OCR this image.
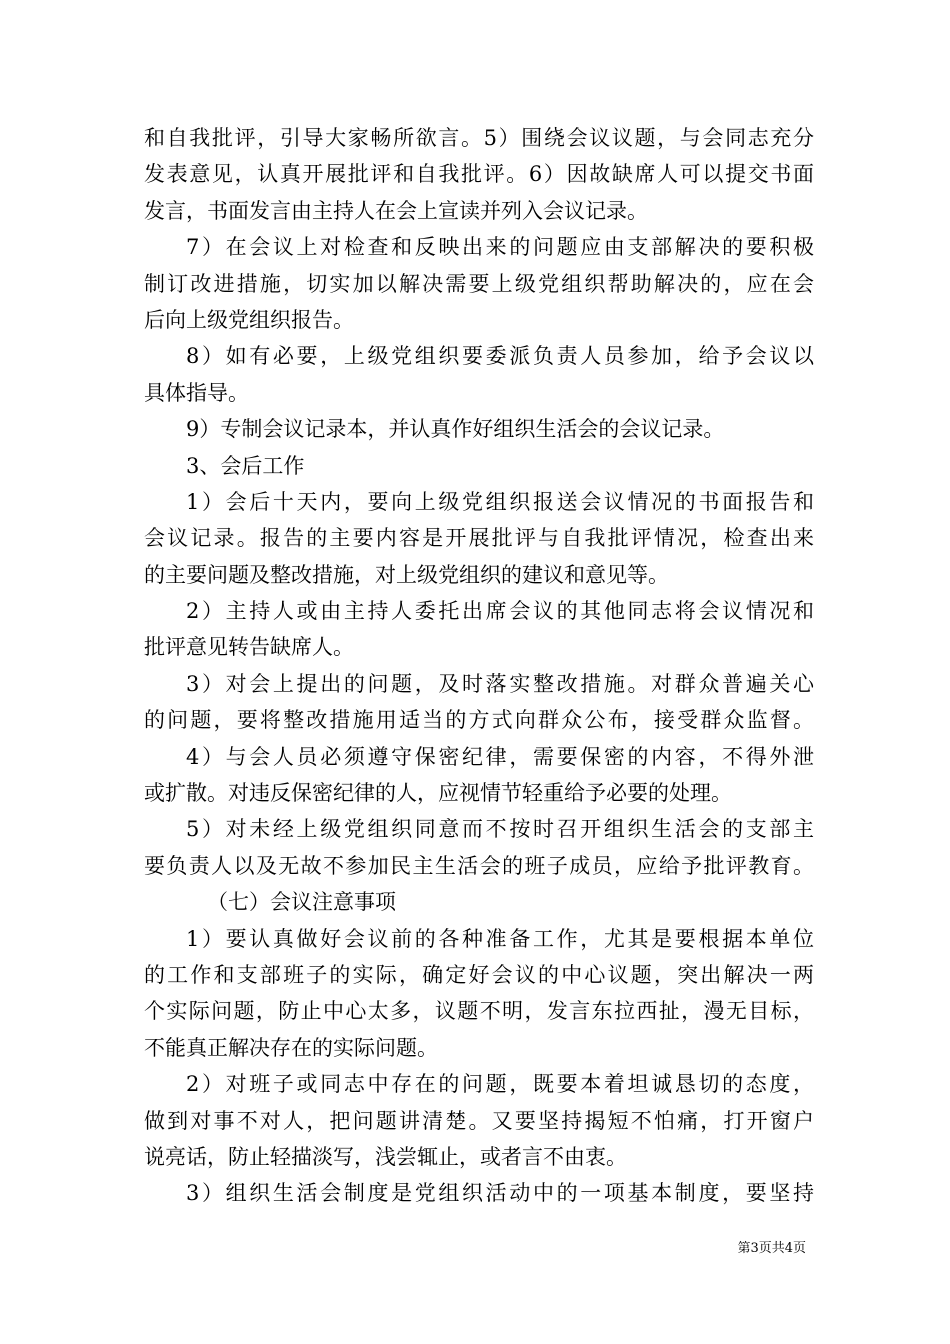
和自我批评，引导大家畅所欲言。5）围绕会议议题，与会同志充分
发表意见，认真开展批评和自我批评。6）因故缺席人可以提交书面
发言，书面发言由主持人在会上宣读并列入会议记录。
7）在会议上对检查和反映出来的问题应由支部解决的要积极
制订改进措施，切实加以解决需要上级党组织帮助解决的，应在会
后向上级党组织报告。
8）如有必要，上级党组织要委派负责人员参加，给予会议以
具体指导。
9）专制会议记录本，并认真作好组织生活会的会议记录。
3、会后工作
1）会后十天内，要向上级党组织报送会议情况的书面报告和
会议记录。报告的主要内容是开展批评与自我批评情况，检查出来
的主要问题及整改措施，对上级党组织的建议和意见等。
2）主持人或由主持人委托出席会议的其他同志将会议情况和
批评意见转告缺席人。
3）对会上提出的问题，及时落实整改措施。对群众普遍关心
的问题，要将整改措施用适当的方式向群众公布，接受群众监督。
4）与会人员必须遵守保密纪律，需要保密的内容，不得外泄
或扩散。对违反保密纪律的人，应视情节轻重给予必要的处理。
5）对未经上级党组织同意而不按时召开组织生活会的支部主
要负责人以及无故不参加民主生活会的班子成员，应给予批评教育。
（七）会议注意事项
1）要认真做好会议前的各种准备工作，尤其是要根据本单位
的工作和支部班子的实际，确定好会议的中心议题，突出解决一两
个实际问题，防止中心太多，议题不明，发言东拉西扯，漫无目标，
不能真正解决存在的实际问题。
2）对班子或同志中存在的问题，既要本着坦诚恳切的态度，
做到对事不对人，把问题讲清楚。又要坚持揭短不怕痛，打开窗户
说亮话，防止轻描淡写，浅尝辄止，或者言不由衷。
3）组织生活会制度是党组织活动中的一项基本制度，要坚持
第3页共4页
